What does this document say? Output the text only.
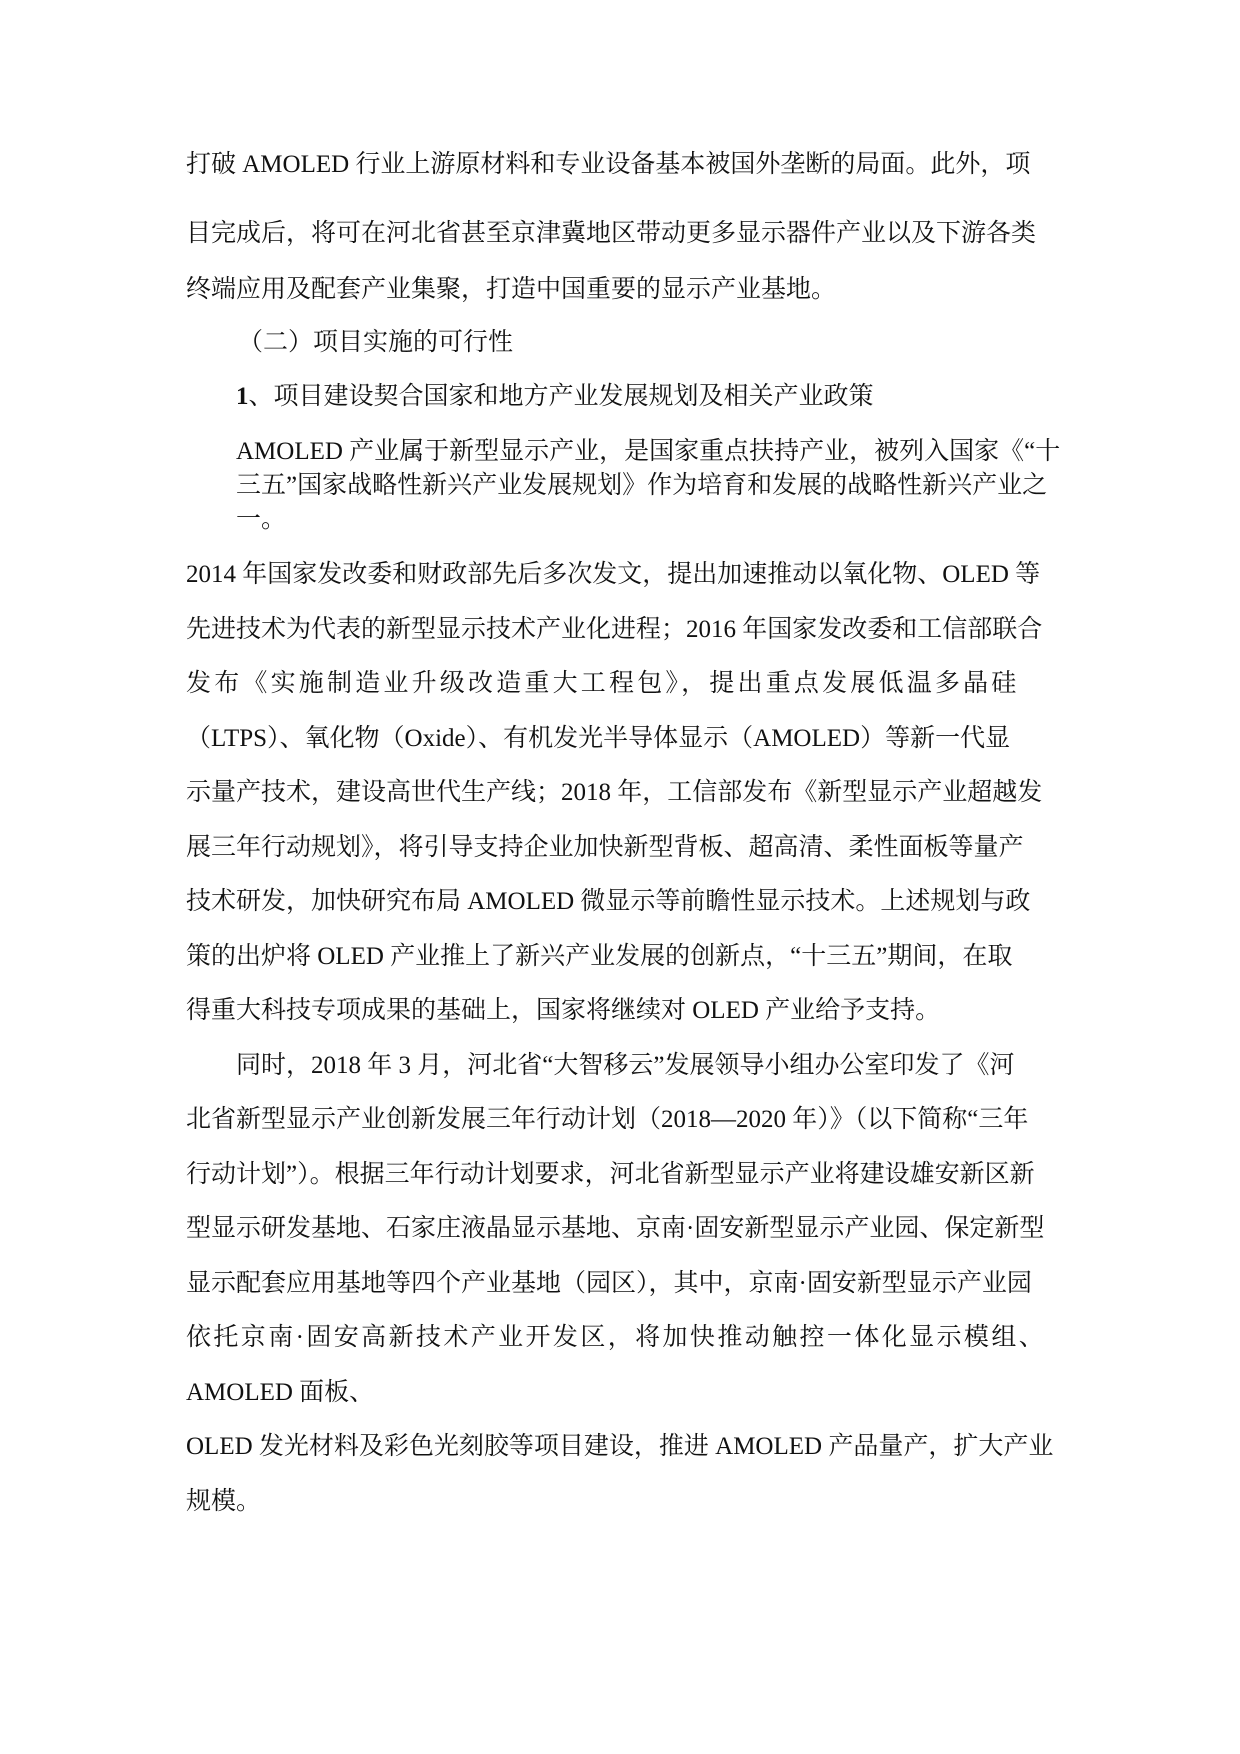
打破 AMOLED 行业上游原材料和专业设备基本被国外垄断的局面。此外，项
目完成后，将可在河北省甚至京津冀地区带动更多显示器件产业以及下游各类
终端应用及配套产业集聚，打造中国重要的显示产业基地。
（二）项目实施的可行性
1、项目建设契合国家和地方产业发展规划及相关产业政策
AMOLED 产业属于新型显示产业，是国家重点扶持产业，被列入国家《“十
三五”国家战略性新兴产业发展规划》作为培育和发展的战略性新兴产业之
一。
2014 年国家发改委和财政部先后多次发文，提出加速推动以氧化物、OLED 等
先进技术为代表的新型显示技术产业化进程；2016 年国家发改委和工信部联合
发布《实施制造业升级改造重大工程包》，提出重点发展低温多晶硅
（LTPS）、氧化物（Oxide）、有机发光半导体显示（AMOLED）等新一代显
示量产技术，建设高世代生产线；2018 年，工信部发布《新型显示产业超越发
展三年行动规划》，将引导支持企业加快新型背板、超高清、柔性面板等量产
技术研发，加快研究布局 AMOLED 微显示等前瞻性显示技术。上述规划与政
策的出炉将 OLED 产业推上了新兴产业发展的创新点，“十三五”期间，在取
得重大科技专项成果的基础上，国家将继续对 OLED 产业给予支持。
同时，2018 年 3 月，河北省“大智移云”发展领导小组办公室印发了《河
北省新型显示产业创新发展三年行动计划（2018—2020 年）》（以下简称“三年
行动计划”）。根据三年行动计划要求，河北省新型显示产业将建设雄安新区新
型显示研发基地、石家庄液晶显示基地、京南·固安新型显示产业园、保定新型
显示配套应用基地等四个产业基地（园区），其中，京南·固安新型显示产业园
依托京南·固安高新技术产业开发区，将加快推动触控一体化显示模组、
AMOLED 面板、
OLED 发光材料及彩色光刻胶等项目建设，推进 AMOLED 产品量产，扩大产业
规模。
